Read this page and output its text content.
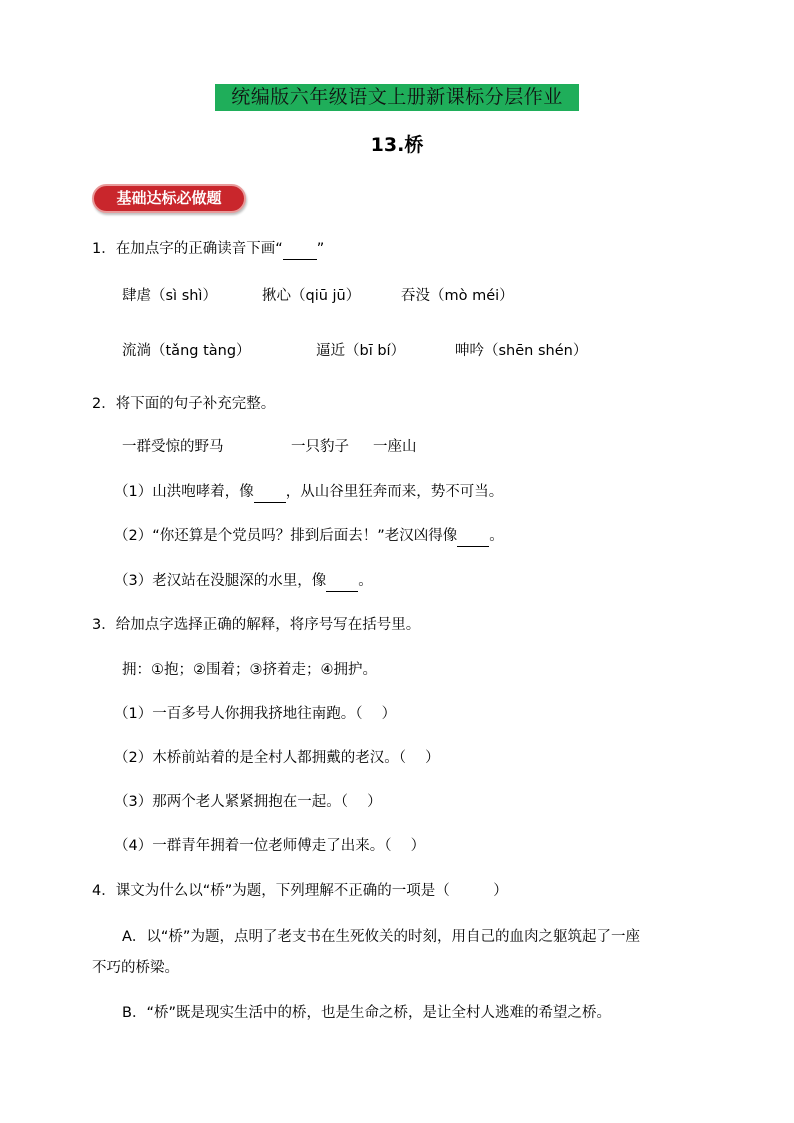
统编版六年级语文上册新课标分层作业
13.桥
基础达标必做题
1．在加点字的正确读音下画“ ”
肆虐（sì shì）	揪心（qiū jū）	吞没（mò méi）
流淌（tǎng tàng）	逼近（bī bí）	呻吟（shēn shén）
2．将下面的句子补充完整。
一群受惊的野马	一只豹子 一座山
（1）山洪咆哮着，像 ，从山谷里狂奔而来，势不可当。
（2）“你还算是个党员吗？排到后面去！”老汉凶得像 。
（3）老汉站在没腿深的水里，像 。
3．给加点字选择正确的解释，将序号写在括号里。
拥：①抱；②围着；③挤着走；④拥护。
（1）一百多号人你拥我挤地往南跑。（　 ）
（2）木桥前站着的是全村人都拥戴的老汉。（　 ）
（3）那两个老人紧紧拥抱在一起。（　 ）
（4）一群青年拥着一位老师傅走了出来。（　 ）
4．课文为什么以“桥”为题，下列理解不正确的一项是（　　　）
A．以“桥”为题，点明了老支书在生死攸关的时刻，用自己的血肉之躯筑起了一座
不巧的桥梁。
B．“桥”既是现实生活中的桥，也是生命之桥，是让全村人逃难的希望之桥。
